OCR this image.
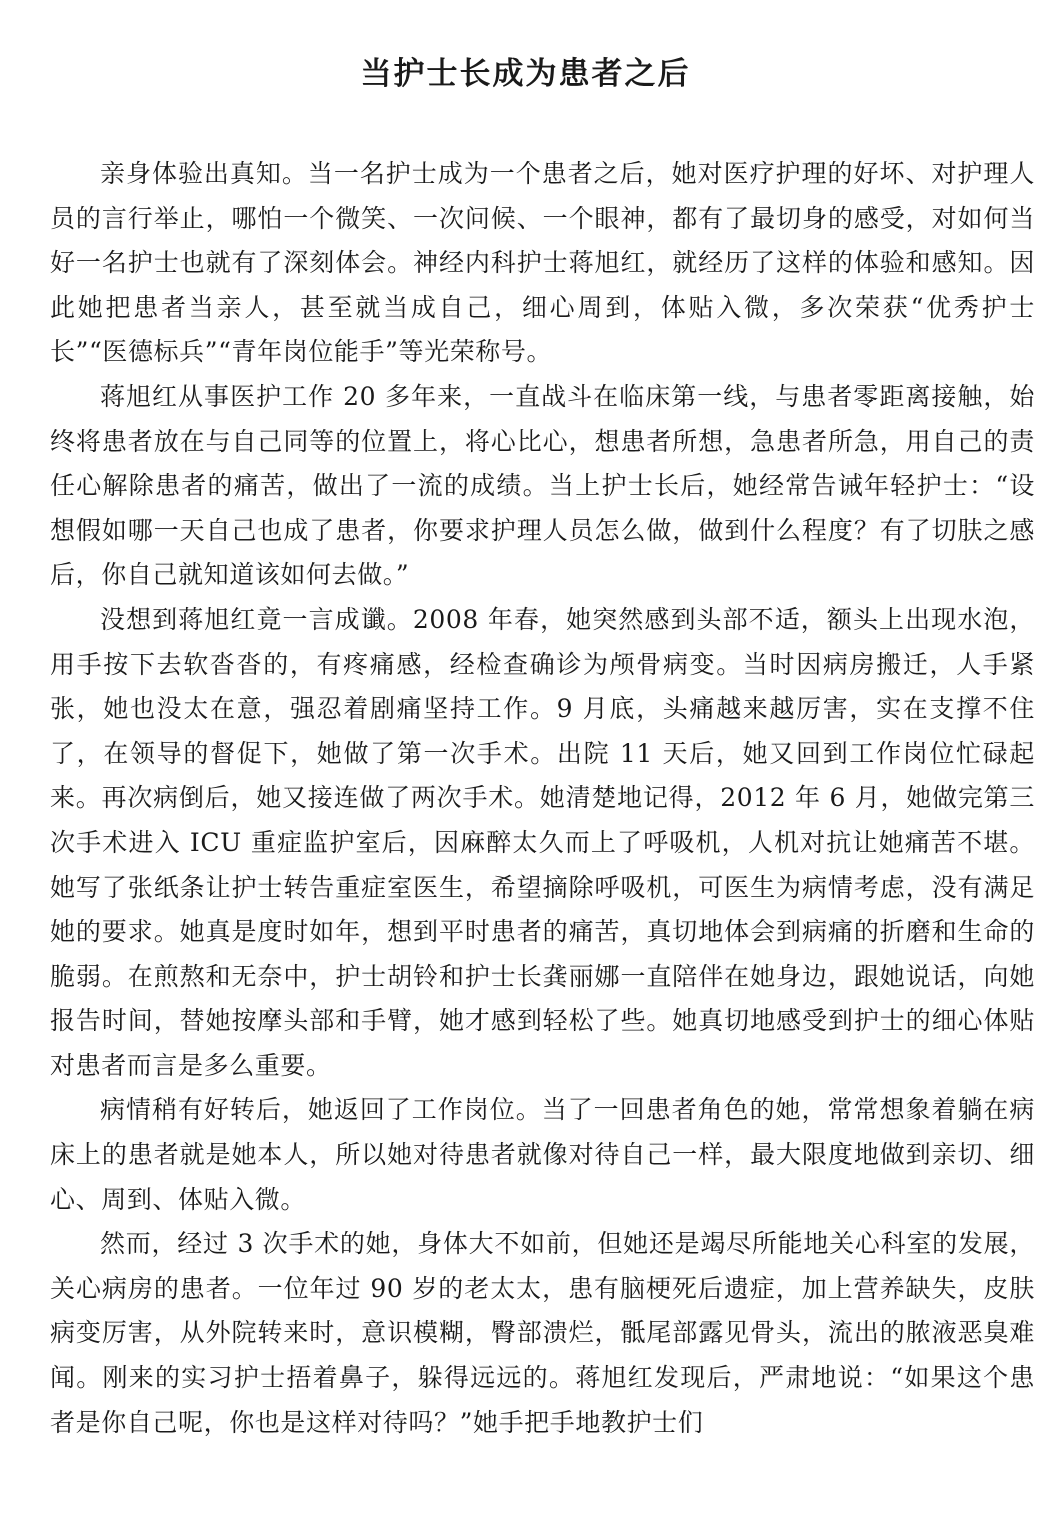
当护士长成为患者之后

亲身体验出真知。当一名护士成为一个患者之后，她对医疗护理的好坏、对护理人员的言行举止，哪怕一个微笑、一次问候、一个眼神，都有了最切身的感受，对如何当好一名护士也就有了深刻体会。神经内科护士蒋旭红，就经历了这样的体验和感知。因此她把患者当亲人，甚至就当成自己，细心周到，体贴入微，多次荣获“优秀护士长”“医德标兵”“青年岗位能手”等光荣称号。

蒋旭红从事医护工作 20 多年来，一直战斗在临床第一线，与患者零距离接触，始终将患者放在与自己同等的位置上，将心比心，想患者所想，急患者所急，用自己的责任心解除患者的痛苦，做出了一流的成绩。当上护士长后，她经常告诫年轻护士：“设想假如哪一天自己也成了患者，你要求护理人员怎么做，做到什么程度？有了切肤之感后，你自己就知道该如何去做。”

没想到蒋旭红竟一言成谶。2008 年春，她突然感到头部不适，额头上出现水泡，用手按下去软沓沓的，有疼痛感，经检查确诊为颅骨病变。当时因病房搬迁，人手紧张，她也没太在意，强忍着剧痛坚持工作。9 月底，头痛越来越厉害，实在支撑不住了，在领导的督促下，她做了第一次手术。出院 11 天后，她又回到工作岗位忙碌起来。再次病倒后，她又接连做了两次手术。她清楚地记得，2012 年 6 月，她做完第三次手术进入 ICU 重症监护室后，因麻醉太久而上了呼吸机，人机对抗让她痛苦不堪。她写了张纸条让护士转告重症室医生，希望摘除呼吸机，可医生为病情考虑，没有满足她的要求。她真是度时如年，想到平时患者的痛苦，真切地体会到病痛的折磨和生命的脆弱。在煎熬和无奈中，护士胡铃和护士长龚丽娜一直陪伴在她身边，跟她说话，向她报告时间，替她按摩头部和手臂，她才感到轻松了些。她真切地感受到护士的细心体贴对患者而言是多么重要。

病情稍有好转后，她返回了工作岗位。当了一回患者角色的她，常常想象着躺在病床上的患者就是她本人，所以她对待患者就像对待自己一样，最大限度地做到亲切、细心、周到、体贴入微。

然而，经过 3 次手术的她，身体大不如前，但她还是竭尽所能地关心科室的发展，关心病房的患者。一位年过 90 岁的老太太，患有脑梗死后遗症，加上营养缺失，皮肤病变厉害，从外院转来时，意识模糊，臀部溃烂，骶尾部露见骨头，流出的脓液恶臭难闻。刚来的实习护士捂着鼻子，躲得远远的。蒋旭红发现后，严肃地说：“如果这个患者是你自己呢，你也是这样对待吗？”她手把手地教护士们
